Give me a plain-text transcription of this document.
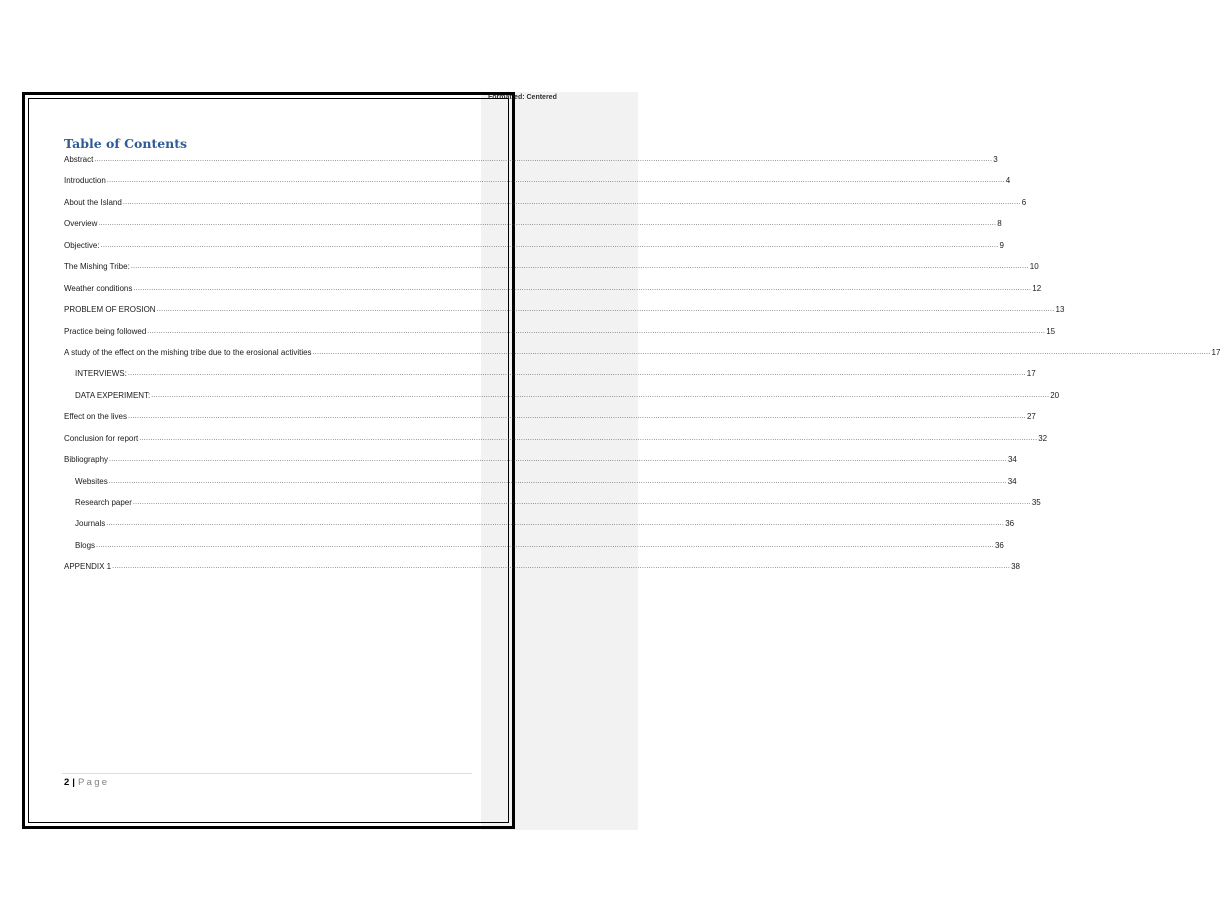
Formatted: Centered
Table of Contents
Abstract ................................................................................................................................................................................................................................................................................................................................................................................................................ 3
Introduction ................................................................................................................................................................................................................................................................................................................................................................................................................ 4
About the Island ................................................................................................................................................................................................................................................................................................................................................................................................................ 6
Overview ................................................................................................................................................................................................................................................................................................................................................................................................................ 8
Objective: ................................................................................................................................................................................................................................................................................................................................................................................................................ 9
The Mishing Tribe: ................................................................................................................................................................................................................................................................................................................................................................................................................ 10
Weather conditions ................................................................................................................................................................................................................................................................................................................................................................................................................ 12
PROBLEM OF EROSION ................................................................................................................................................................................................................................................................................................................................................................................................................ 13
Practice being followed ................................................................................................................................................................................................................................................................................................................................................................................................................ 15
A study of the effect on the mishing tribe due to the erosional activities ................................................................................................................................................................................................................................................................................................................................................................................................................ 17
INTERVIEWS: ................................................................................................................................................................................................................................................................................................................................................................................................................ 17
DATA EXPERIMENT: ................................................................................................................................................................................................................................................................................................................................................................................................................ 20
Effect on the lives ................................................................................................................................................................................................................................................................................................................................................................................................................ 27
Conclusion for report ................................................................................................................................................................................................................................................................................................................................................................................................................ 32
Bibliography ................................................................................................................................................................................................................................................................................................................................................................................................................ 34
Websites ................................................................................................................................................................................................................................................................................................................................................................................................................ 34
Research paper ................................................................................................................................................................................................................................................................................................................................................................................................................ 35
Journals ................................................................................................................................................................................................................................................................................................................................................................................................................ 36
Blogs ................................................................................................................................................................................................................................................................................................................................................................................................................ 36
APPENDIX 1 ................................................................................................................................................................................................................................................................................................................................................................................................................ 38
2 | Page
